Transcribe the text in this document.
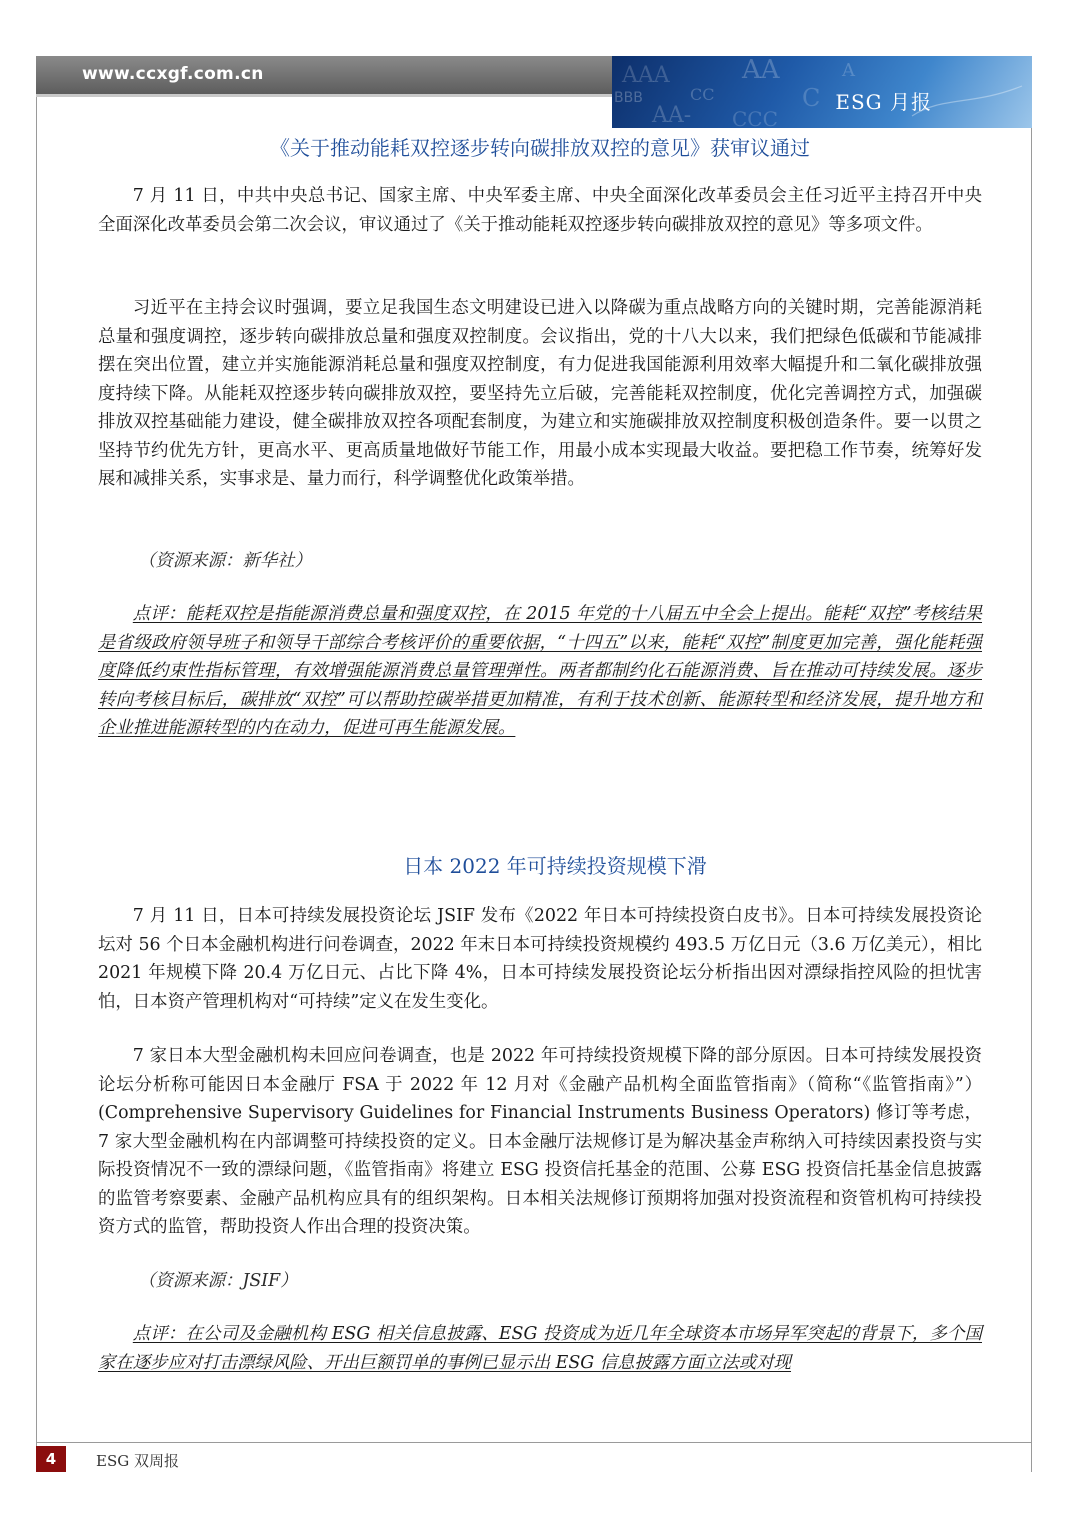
www.ccxgf.com.cn	AAA	AA
BBB	CC	C
A
AA- CCC
ESG 月报
《关于推动能耗双控逐步转向碳排放双控的意见》获审议通过

7 月 11 日，中共中央总书记、国家主席、中央军委主席、中央全面深化改革委员会主任习近平主持召开中央全面深化改革委员会第二次会议，审议通过了《关于推动能耗双控逐步转向碳排放双控的意见》等多项文件。

习近平在主持会议时强调，要立足我国生态文明建设已进入以降碳为重点战略方向的关键时期，完善能源消耗总量和强度调控，逐步转向碳排放总量和强度双控制度。会议指出，党的十八大以来，我们把绿色低碳和节能减排摆在突出位置，建立并实施能源消耗总量和强度双控制度，有力促进我国能源利用效率大幅提升和二氧化碳排放强度持续下降。从能耗双控逐步转向碳排放双控，要坚持先立后破，完善能耗双控制度，优化完善调控方式，加强碳排放双控基础能力建设，健全碳排放双控各项配套制度，为建立和实施碳排放双控制度积极创造条件。要一以贯之坚持节约优先方针，更高水平、更高质量地做好节能工作，用最小成本实现最大收益。要把稳工作节奏，统筹好发展和减排关系，实事求是、量力而行，科学调整优化政策举措。

（资源来源：新华社）

点评：能耗双控是指能源消费总量和强度双控，在 2015 年党的十八届五中全会上提出。能耗“双控”考核结果是省级政府领导班子和领导干部综合考核评价的重要依据，“十四五”以来，能耗“双控”制度更加完善，强化能耗强度降低约束性指标管理，有效增强能源消费总量管理弹性。两者都制约化石能源消费、旨在推动可持续发展。逐步转向考核目标后，碳排放“双控”可以帮助控碳举措更加精准，有利于技术创新、能源转型和经济发展，提升地方和企业推进能源转型的内在动力，促进可再生能源发展。

日本 2022 年可持续投资规模下滑

7 月 11 日，日本可持续发展投资论坛 JSIF 发布《2022 年日本可持续投资白皮书》。日本可持续发展投资论坛对 56 个日本金融机构进行问卷调查，2022 年末日本可持续投资规模约 493.5 万亿日元（3.6 万亿美元），相比 2021 年规模下降 20.4 万亿日元、占比下降 4%，日本可持续发展投资论坛分析指出因对漂绿指控风险的担忧害怕，日本资产管理机构对“可持续”定义在发生变化。

7 家日本大型金融机构未回应问卷调查，也是 2022 年可持续投资规模下降的部分原因。日本可持续发展投资论坛分析称可能因日本金融厅 FSA 于 2022 年 12 月对《金融产品机构全面监管指南》（简称“《监管指南》”）(Comprehensive Supervisory Guidelines for Financial Instruments Business Operators) 修订等考虑，7 家大型金融机构在内部调整可持续投资的定义。日本金融厅法规修订是为解决基金声称纳入可持续因素投资与实际投资情况不一致的漂绿问题，《监管指南》将建立 ESG 投资信托基金的范围、公募 ESG 投资信托基金信息披露的监管考察要素、金融产品机构应具有的组织架构。日本相关法规修订预期将加强对投资流程和资管机构可持续投资方式的监管，帮助投资人作出合理的投资决策。

（资源来源：JSIF）

点评：在公司及金融机构 ESG 相关信息披露、ESG 投资成为近几年全球资本市场异军突起的背景下，多个国家在逐步应对打击漂绿风险、开出巨额罚单的事例已显示出 ESG 信息披露方面立法或对现

4	ESG 双周报
